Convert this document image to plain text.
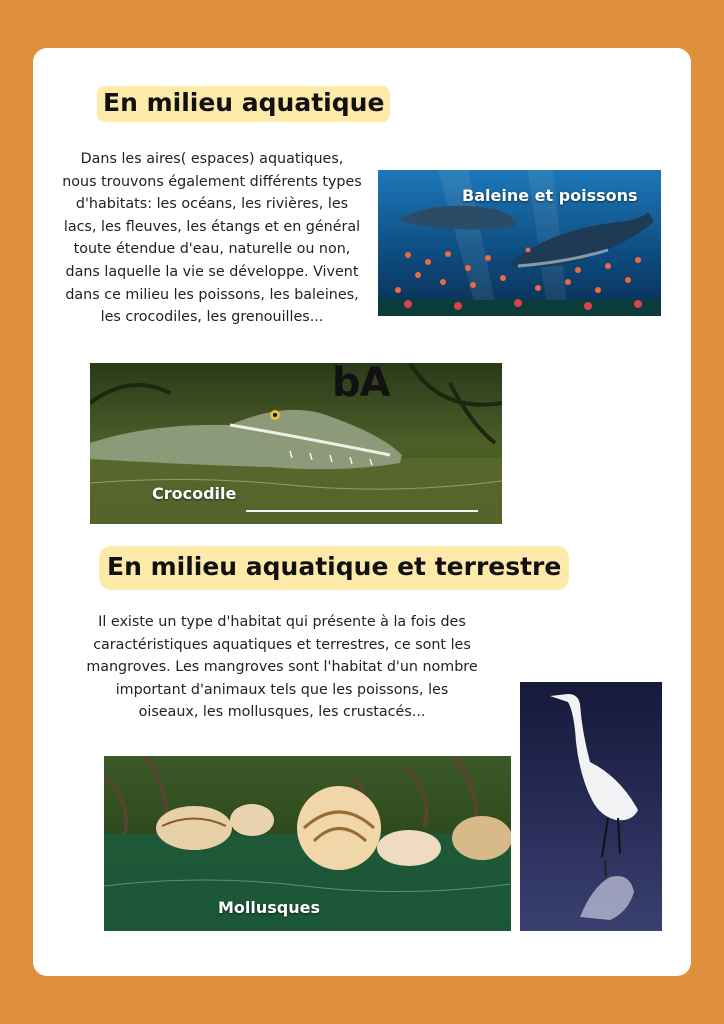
En milieu aquatique

Dans les aires( espaces) aquatiques, nous trouvons également différents types d'habitats: les océans, les rivières, les lacs, les fleuves, les étangs et en général toute étendue d'eau, naturelle ou non, dans laquelle la vie se développe. Vivent dans ce milieu les poissons, les baleines, les crocodiles, les grenouilles...

Baleine et poissons
bA
Crocodile
En milieu aquatique et terrestre

Il existe un type d'habitat qui présente à la fois des caractéristiques aquatiques et terrestres, ce sont les mangroves. Les mangroves sont l'habitat d'un nombre important d'animaux tels que les poissons, les oiseaux, les mollusques, les crustacés...

Mollusques
